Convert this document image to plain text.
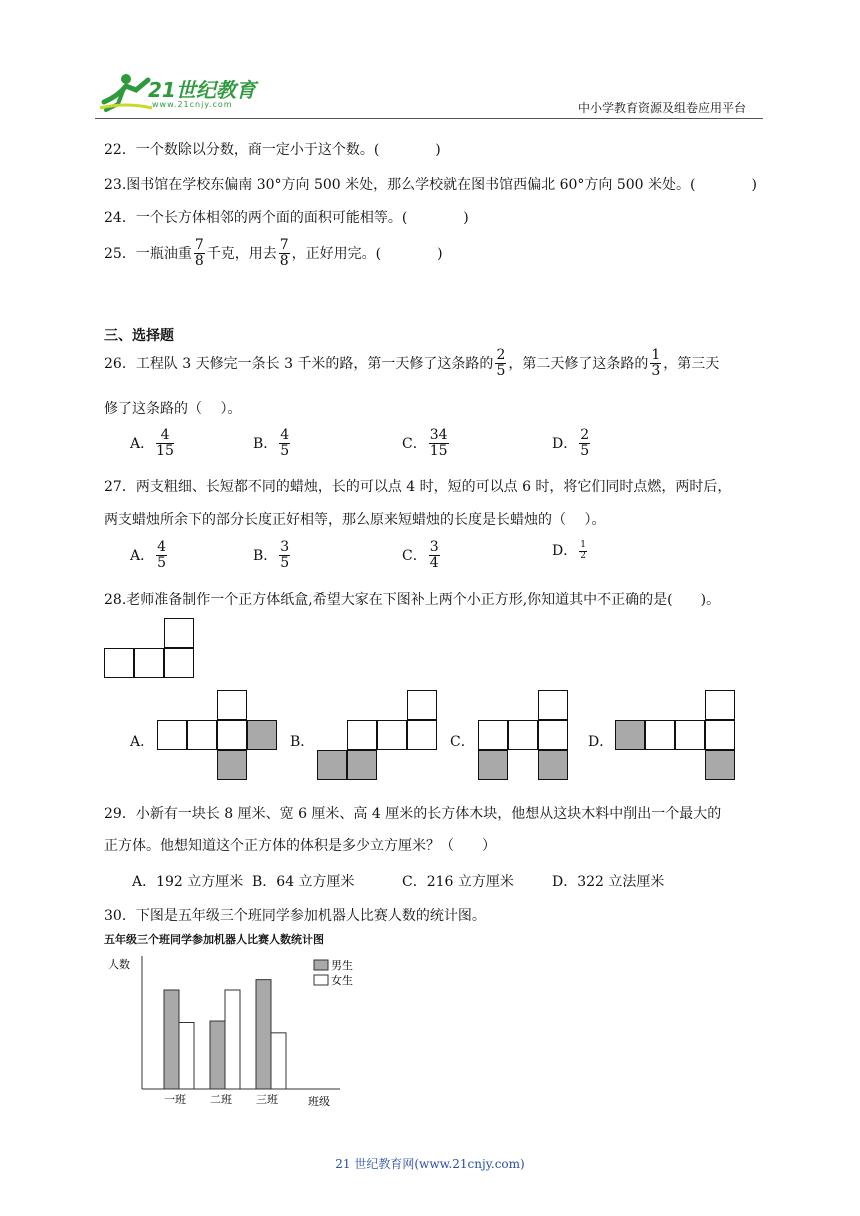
21世纪教育
www.21cnjy.com	中小学教育资源及组卷应用平台
22．一个数除以分数，商一定小于这个数。(　　　　)
23.图书馆在学校东偏南 30°方向 500 米处，那么学校就在图书馆西偏北 60°方向 500 米处。(　　　　)
24．一个长方体相邻的两个面的面积可能相等。(　　　　)
25．一瓶油重 $\frac{7}{8}$ 千克，用去 $\frac{7}{8}$ ，正好用完。(　　　　)
三、选择题
26．工程队 3 天修完一条长 3 千米的路，第一天修了这条路的 $\frac{2}{5}$ ，第二天修了这条路的 $\frac{1}{3}$ ，第三天
修了这条路的（　 ）。
A． $\frac{4}{15}$	B． $\frac{4}{5}$	C． $\frac{34}{15}$	D． $\frac{2}{5}$
27．两支粗细、长短都不同的蜡烛，长的可以点 4 时，短的可以点 6 时，将它们同时点燃，两时后，
两支蜡烛所余下的部分长度正好相等，那么原来短蜡烛的长度是长蜡烛的（　 ）。
A． $\frac{4}{5}$	B． $\frac{3}{5}$	C． $\frac{3}{4}$	D． $\frac{1}{2}$
28.老师准备制作一个正方体纸盒,希望大家在下图补上两个小正方形,你知道其中不正确的是(　　)。
A．	B．	C．	D．
29．小新有一块长 8 厘米、宽 6 厘米、高 4 厘米的长方体木块，他想从这块木料中削出一个最大的
正方体。他想知道这个正方体的体积是多少立方厘米？（　　）
A．192 立方厘米 B．64 立方厘米	C．216 立方厘米	D．322 立法厘米
30．下图是五年级三个班同学参加机器人比赛人数的统计图。
五年级三个班同学参加机器人比赛人数统计图
人数
班级
一班 二班 三班
男生
女生
21 世纪教育网(www.21cnjy.com)
